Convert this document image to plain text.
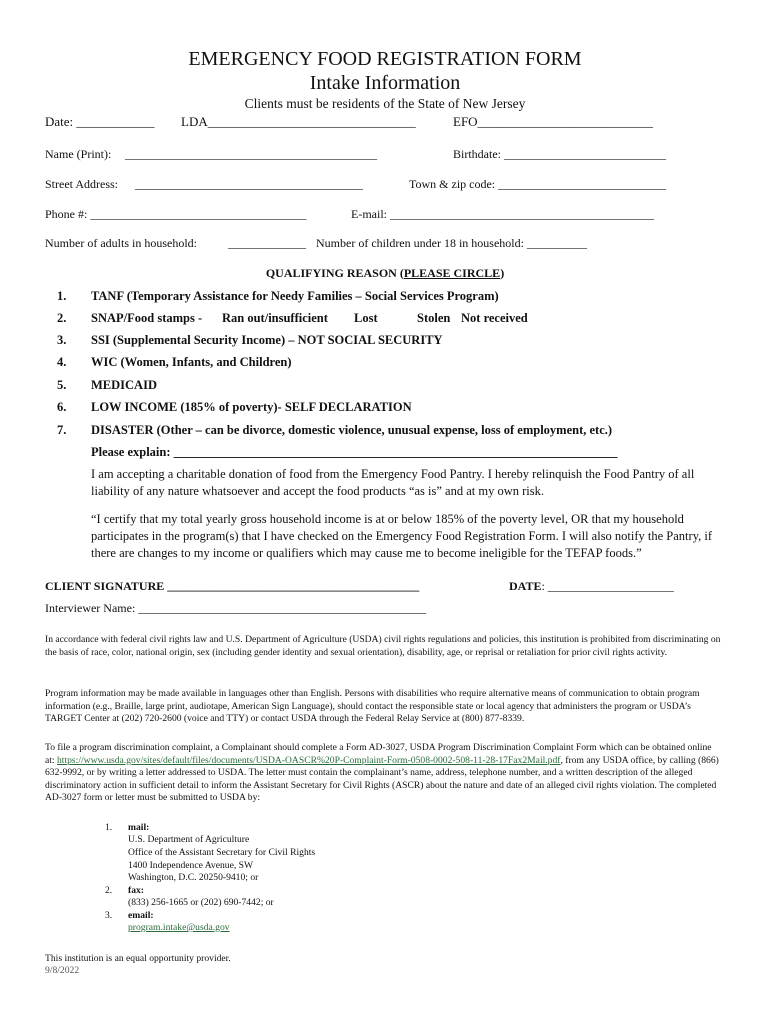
EMERGENCY FOOD REGISTRATION FORM
Intake Information
Clients must be residents of the State of New Jersey
Date: ____________ LDA________________________________	EFO___________________________
Name (Print): __________________________________________	Birthdate: ___________________________
Street Address: ______________________________________	Town & zip code: ____________________________
Phone #: ____________________________________	E-mail: ____________________________________________
Number of adults in household:	_____________ Number of children under 18 in household: __________
QUALIFYING REASON (PLEASE CIRCLE)
1. TANF (Temporary Assistance for Needy Families – Social Services Program)
2. SNAP/Food stamps - Ran out/insufficient Lost	Stolen Not received
3. SSI (Supplemental Security Income) – NOT SOCIAL SECURITY
4. WIC (Women, Infants, and Children)
5. MEDICAID
6. LOW INCOME (185% of poverty)- SELF DECLARATION
7. DISASTER (Other – can be divorce, domestic violence, unusual expense, loss of employment, etc.)
Please explain: _______________________________________________________________________
I am accepting a charitable donation of food from the Emergency Food Pantry. I hereby relinquish the Food Pantry of all liability of any nature whatsoever and accept the food products “as is” and at my own risk.
“I certify that my total yearly gross household income is at or below 185% of the poverty level, OR that my household participates in the program(s) that I have checked on the Emergency Food Registration Form. I will also notify the Pantry, if there are changes to my income or qualifiers which may cause me to become ineligible for the TEFAP foods.”
CLIENT SIGNATURE __________________________________________	DATE: _____________________
Interviewer Name: ________________________________________________
In accordance with federal civil rights law and U.S. Department of Agriculture (USDA) civil rights regulations and policies, this institution is prohibited from discriminating on the basis of race, color, national origin, sex (including gender identity and sexual orientation), disability, age, or reprisal or retaliation for prior civil rights activity.
Program information may be made available in languages other than English. Persons with disabilities who require alternative means of communication to obtain program information (e.g., Braille, large print, audiotape, American Sign Language), should contact the responsible state or local agency that administers the program or USDA’s TARGET Center at (202) 720-2600 (voice and TTY) or contact USDA through the Federal Relay Service at (800) 877-8339.
To file a program discrimination complaint, a Complainant should complete a Form AD-3027, USDA Program Discrimination Complaint Form which can be obtained online at: https://www.usda.gov/sites/default/files/documents/USDA-OASCR%20P-Complaint-Form-0508-0002-508-11-28-17Fax2Mail.pdf, from any USDA office, by calling (866) 632-9992, or by writing a letter addressed to USDA. The letter must contain the complainant’s name, address, telephone number, and a written description of the alleged discriminatory action in sufficient detail to inform the Assistant Secretary for Civil Rights (ASCR) about the nature and date of an alleged civil rights violation. The completed AD-3027 form or letter must be submitted to USDA by:
1. mail:
U.S. Department of Agriculture
Office of the Assistant Secretary for Civil Rights
1400 Independence Avenue, SW
Washington, D.C. 20250-9410; or
2. fax:
(833) 256-1665 or (202) 690-7442; or
3. email:
program.intake@usda.gov
This institution is an equal opportunity provider.
9/8/2022
